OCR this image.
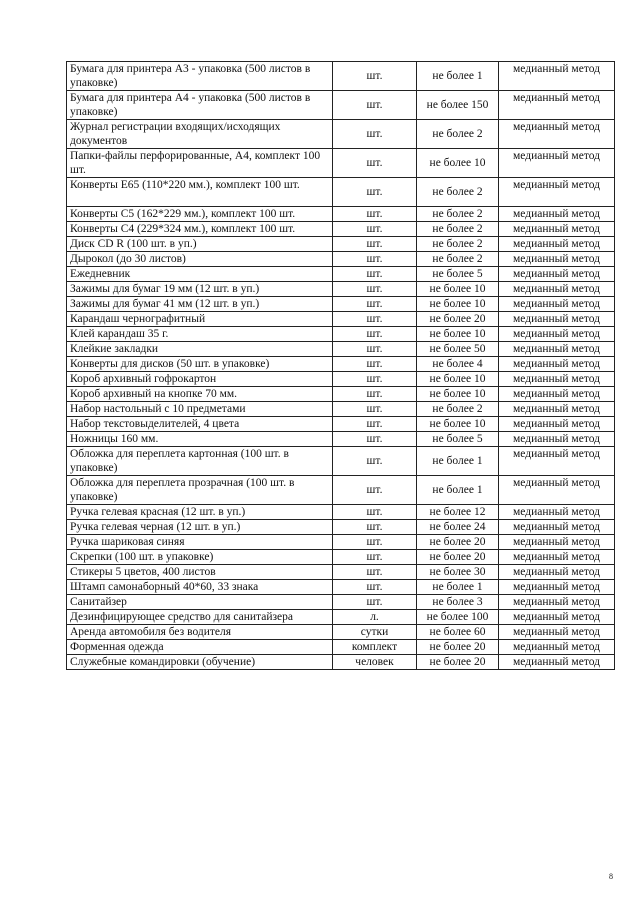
Бумага для принтера А3 - упаковка (500 листов в упаковке)	шт.	не более 1	медианный метод
Бумага для принтера А4 - упаковка (500 листов в упаковке)	шт.	не более 150	медианный метод
Журнал регистрации входящих/исходящих документов	шт.	не более 2	медианный метод
Папки-файлы перфорированные, А4, комплект 100 шт.	шт.	не более 10	медианный метод
Конверты Е65 (110*220 мм.), комплект 100 шт.	шт.	не более 2	медианный метод
Конверты С5 (162*229 мм.), комплект 100 шт.	шт.	не более 2	медианный метод
Конверты С4 (229*324 мм.), комплект 100 шт.	шт.	не более 2	медианный метод
Диск CD R (100 шт. в уп.)	шт.	не более 2	медианный метод
Дырокол (до 30 листов)	шт.	не более 2	медианный метод
Ежедневник	шт.	не более 5	медианный метод
Зажимы для бумаг 19 мм (12 шт. в уп.)	шт.	не более 10	медианный метод
Зажимы для бумаг 41 мм (12 шт. в уп.)	шт.	не более 10	медианный метод
Карандаш чернографитный	шт.	не более 20	медианный метод
Клей карандаш 35 г.	шт.	не более 10	медианный метод
Клейкие закладки	шт.	не более 50	медианный метод
Конверты для дисков (50 шт. в упаковке)	шт.	не более 4	медианный метод
Короб архивный гофрокартон	шт.	не более 10	медианный метод
Короб архивный на кнопке 70 мм.	шт.	не более 10	медианный метод
Набор настольный с 10 предметами	шт.	не более 2	медианный метод
Набор текстовыделителей, 4 цвета	шт.	не более 10	медианный метод
Ножницы 160 мм.	шт.	не более 5	медианный метод
Обложка для переплета картонная (100 шт. в упаковке)	шт.	не более 1	медианный метод
Обложка для переплета прозрачная (100 шт. в упаковке)	шт.	не более 1	медианный метод
Ручка гелевая красная (12 шт. в уп.)	шт.	не более 12	медианный метод
Ручка гелевая черная (12 шт. в уп.)	шт.	не более 24	медианный метод
Ручка шариковая синяя	шт.	не более 20	медианный метод
Скрепки (100 шт. в упаковке)	шт.	не более 20	медианный метод
Стикеры 5 цветов, 400 листов	шт.	не более 30	медианный метод
Штамп самонаборный 40*60, 33 знака	шт.	не более 1	медианный метод
Санитайзер	шт.	не более 3	медианный метод
Дезинфицирующее средство для санитайзера	л.	не более 100	медианный метод
Аренда автомобиля без водителя	сутки	не более 60	медианный метод
Форменная одежда	комплект	не более 20	медианный метод
Служебные командировки (обучение)	человек	не более 20	медианный метод
8
